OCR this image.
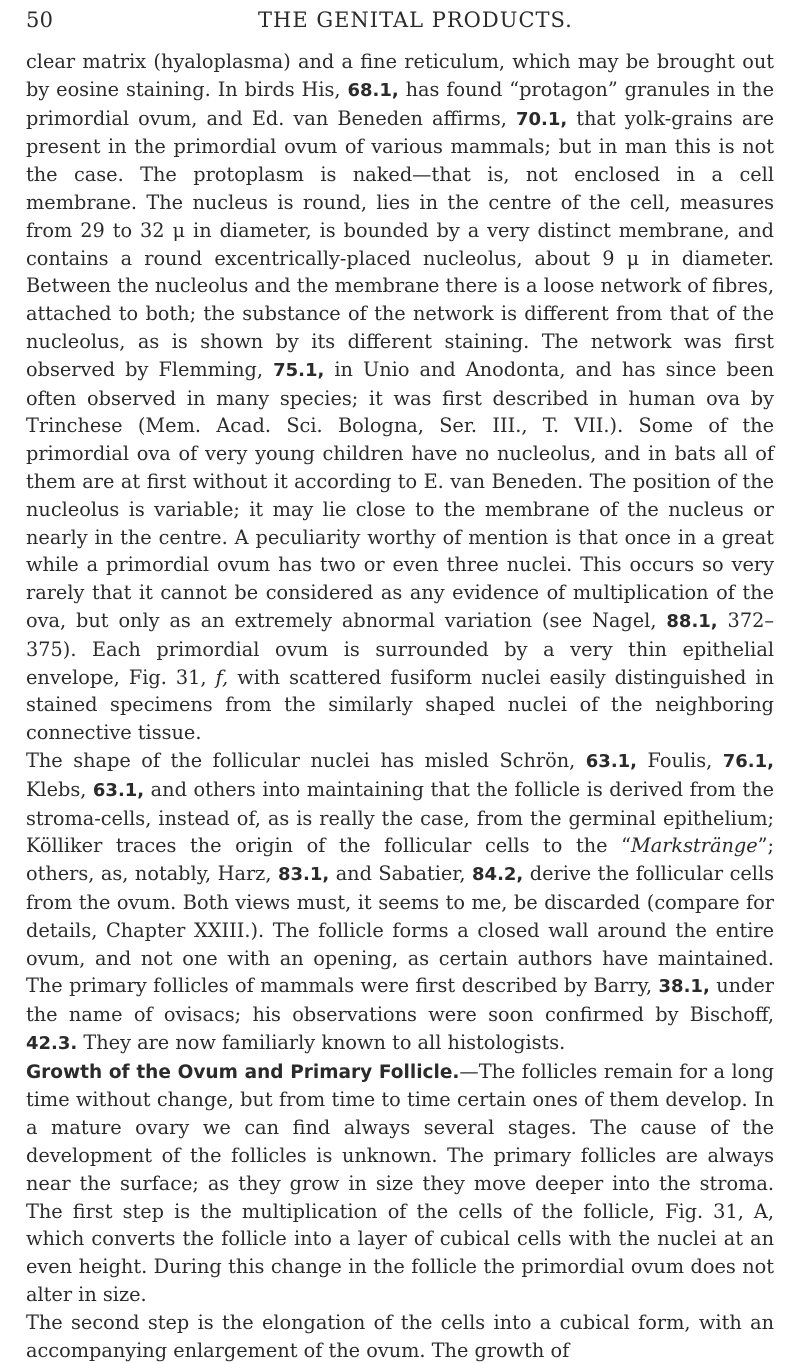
50	THE GENITAL PRODUCTS.

clear matrix (hyaloplasma) and a fine reticulum, which may be brought out by eosine staining. In birds His, 68.1, has found “protagon” granules in the primordial ovum, and Ed. van Beneden affirms, 70.1, that yolk-grains are present in the primordial ovum of various mammals; but in man this is not the case. The protoplasm is naked—that is, not enclosed in a cell membrane. The nucleus is round, lies in the centre of the cell, measures from 29 to 32 μ in diameter, is bounded by a very distinct membrane, and contains a round excentrically-placed nucleolus, about 9 μ in diameter. Between the nucleolus and the membrane there is a loose network of fibres, attached to both; the substance of the network is different from that of the nucleolus, as is shown by its different staining. The network was first observed by Flemming, 75.1, in Unio and Anodonta, and has since been often observed in many species; it was first described in human ova by Trinchese (Mem. Acad. Sci. Bologna, Ser. III., T. VII.). Some of the primordial ova of very young children have no nucleolus, and in bats all of them are at first without it according to E. van Beneden. The position of the nucleolus is variable; it may lie close to the membrane of the nucleus or nearly in the centre. A peculiarity worthy of mention is that once in a great while a primordial ovum has two or even three nuclei. This occurs so very rarely that it cannot be considered as any evidence of multiplication of the ova, but only as an extremely abnormal variation (see Nagel, 88.1, 372–375). Each primordial ovum is surrounded by a very thin epithelial envelope, Fig. 31, f, with scattered fusiform nuclei easily distinguished in stained specimens from the similarly shaped nuclei of the neighboring connective tissue.

The shape of the follicular nuclei has misled Schrön, 63.1, Foulis, 76.1, Klebs, 63.1, and others into maintaining that the follicle is derived from the stroma-cells, instead of, as is really the case, from the germinal epithelium; Kölliker traces the origin of the follicular cells to the “Markstränge”; others, as, notably, Harz, 83.1, and Sabatier, 84.2, derive the follicular cells from the ovum. Both views must, it seems to me, be discarded (compare for details, Chapter XXIII.). The follicle forms a closed wall around the entire ovum, and not one with an opening, as certain authors have maintained. The primary follicles of mammals were first described by Barry, 38.1, under the name of ovisacs; his observations were soon confirmed by Bischoff, 42.3. They are now familiarly known to all histologists.

Growth of the Ovum and Primary Follicle.—The follicles remain for a long time without change, but from time to time certain ones of them develop. In a mature ovary we can find always several stages. The cause of the development of the follicles is unknown. The primary follicles are always near the surface; as they grow in size they move deeper into the stroma. The first step is the multiplication of the cells of the follicle, Fig. 31, A, which converts the follicle into a layer of cubical cells with the nuclei at an even height. During this change in the follicle the primordial ovum does not alter in size.

The second step is the elongation of the cells into a cubical form, with an accompanying enlargement of the ovum. The growth of
